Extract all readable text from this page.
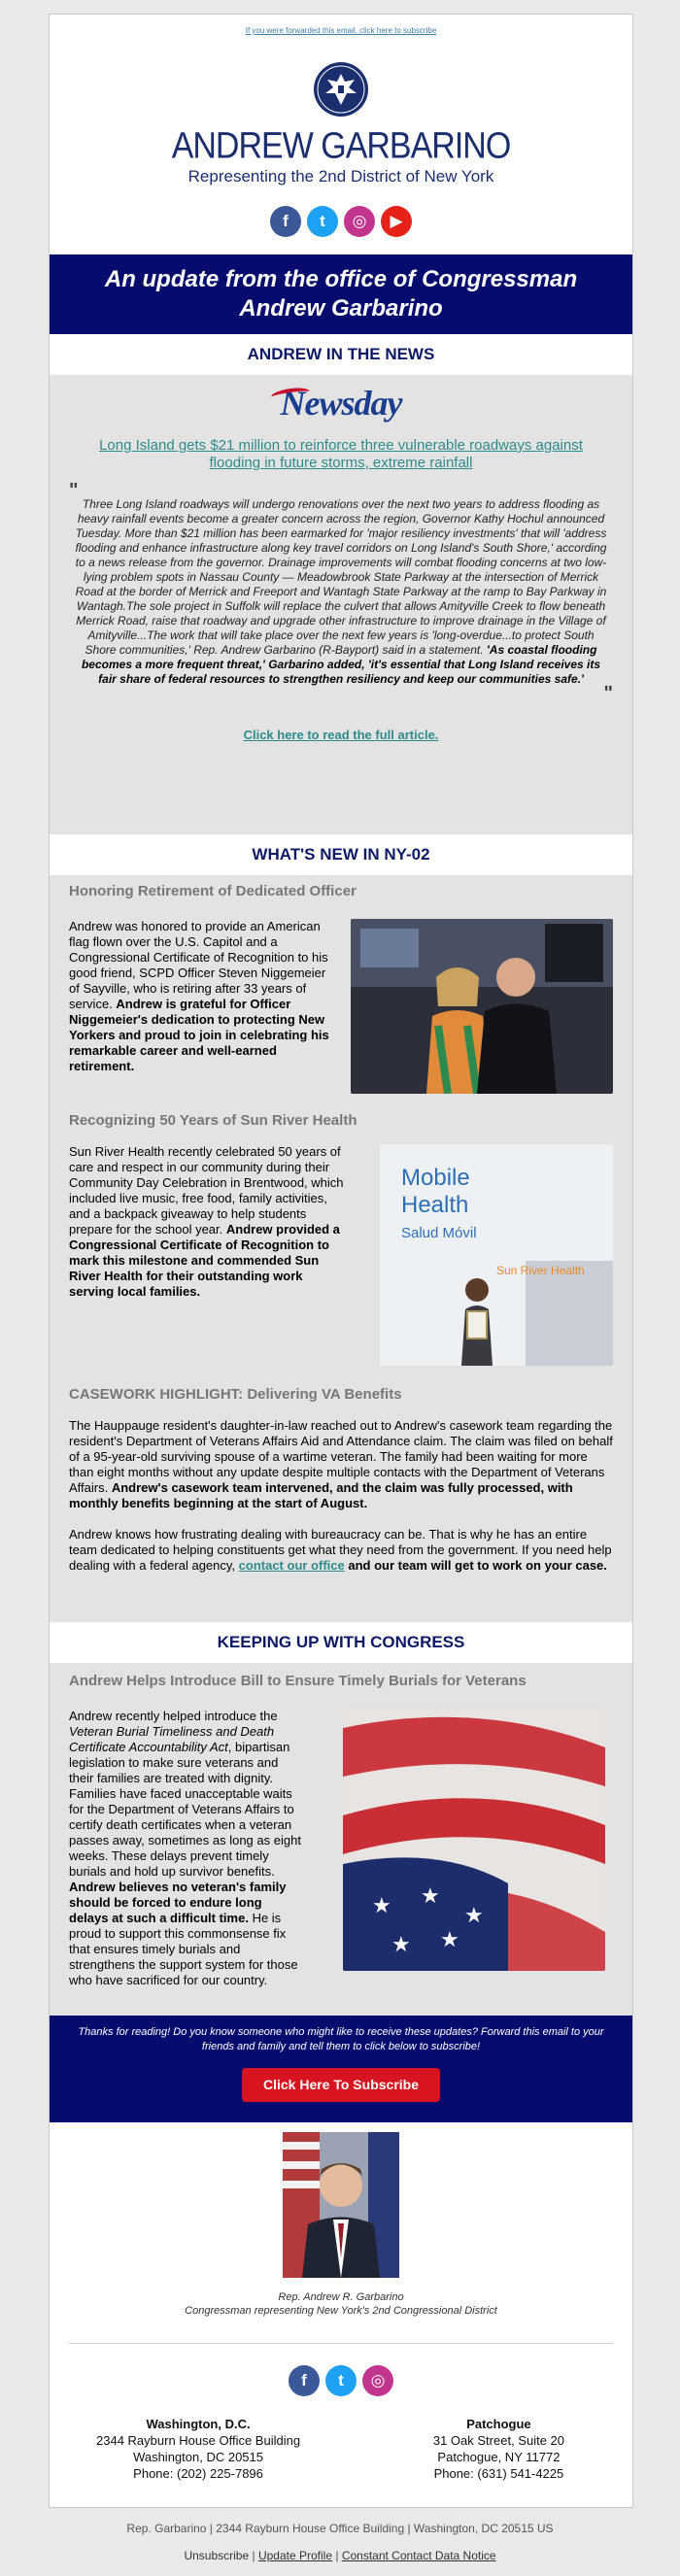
If you were forwarded this email, click here to subscribe
ANDREW GARBARINO
Representing the 2nd District of New York
f t ◎ ▶
An update from the office of Congressman
Andrew Garbarino
ANDREW IN THE NEWS
Newsday
Long Island gets $21 million to reinforce three vulnerable roadways against flooding in future storms, extreme rainfall
"
Three Long Island roadways will undergo renovations over the next two years to address flooding as heavy rainfall events become a greater concern across the region, Governor Kathy Hochul announced Tuesday. More than $21 million has been earmarked for 'major resiliency investments' that will 'address flooding and enhance infrastructure along key travel corridors on Long Island's South Shore,' according to a news release from the governor. Drainage improvements will combat flooding concerns at two low-lying problem spots in Nassau County — Meadowbrook State Parkway at the intersection of Merrick Road at the border of Merrick and Freeport and Wantagh State Parkway at the ramp to Bay Parkway in Wantagh.The sole project in Suffolk will replace the culvert that allows Amityville Creek to flow beneath Merrick Road, raise that roadway and upgrade other infrastructure to improve drainage in the Village of Amityville...The work that will take place over the next few years is 'long-overdue...to protect South Shore communities,' Rep. Andrew Garbarino (R-Bayport) said in a statement. 'As coastal flooding becomes a more frequent threat,' Garbarino added, 'it's essential that Long Island receives its fair share of federal resources to strengthen resiliency and keep our communities safe.'
"
Click here to read the full article.
WHAT'S NEW IN NY-02
Honoring Retirement of Dedicated Officer
Andrew was honored to provide an American flag flown over the U.S. Capitol and a Congressional Certificate of Recognition to his good friend, SCPD Officer Steven Niggemeier of Sayville, who is retiring after 33 years of service. Andrew is grateful for Officer Niggemeier's dedication to protecting New Yorkers and proud to join in celebrating his remarkable career and well-earned retirement.
Recognizing 50 Years of Sun River Health
Sun River Health recently celebrated 50 years of care and respect in our community during their Community Day Celebration in Brentwood, which included live music, free food, family activities, and a backpack giveaway to help students prepare for the school year. Andrew provided a Congressional Certificate of Recognition to mark this milestone and commended Sun River Health for their outstanding work serving local families.
Mobile
Health
Salud Móvil
Sun River Health
CASEWORK HIGHLIGHT: Delivering VA Benefits
The Hauppauge resident's daughter-in-law reached out to Andrew's casework team regarding the resident's Department of Veterans Affairs Aid and Attendance claim. The claim was filed on behalf of a 95-year-old surviving spouse of a wartime veteran. The family had been waiting for more than eight months without any update despite multiple contacts with the Department of Veterans Affairs. Andrew's casework team intervened, and the claim was fully processed, with monthly benefits beginning at the start of August.
Andrew knows how frustrating dealing with bureaucracy can be. That is why he has an entire team dedicated to helping constituents get what they need from the government. If you need help dealing with a federal agency, contact our office and our team will get to work on your case.
KEEPING UP WITH CONGRESS
Andrew Helps Introduce Bill to Ensure Timely Burials for Veterans
Andrew recently helped introduce the Veteran Burial Timeliness and Death Certificate Accountability Act, bipartisan legislation to make sure veterans and their families are treated with dignity. Families have faced unacceptable waits for the Department of Veterans Affairs to certify death certificates when a veteran passes away, sometimes as long as eight weeks. These delays prevent timely burials and hold up survivor benefits. Andrew believes no veteran's family should be forced to endure long delays at such a difficult time. He is proud to support this commonsense fix that ensures timely burials and strengthens the support system for those who have sacrificed for our country.
★ ★
★
★ ★
Thanks for reading! Do you know someone who might like to receive these updates? Forward this email to your friends and family and tell them to click below to subscribe!
Click Here To Subscribe
Rep. Andrew R. Garbarino
Congressman representing New York's 2nd Congressional District
f t ◎
Washington, D.C.
2344 Rayburn House Office Building
Washington, DC 20515
Phone: (202) 225-7896
Patchogue
31 Oak Street, Suite 20
Patchogue, NY 11772
Phone: (631) 541-4225
Rep. Garbarino | 2344 Rayburn House Office Building | Washington, DC 20515 US
Unsubscribe | Update Profile | Constant Contact Data Notice
